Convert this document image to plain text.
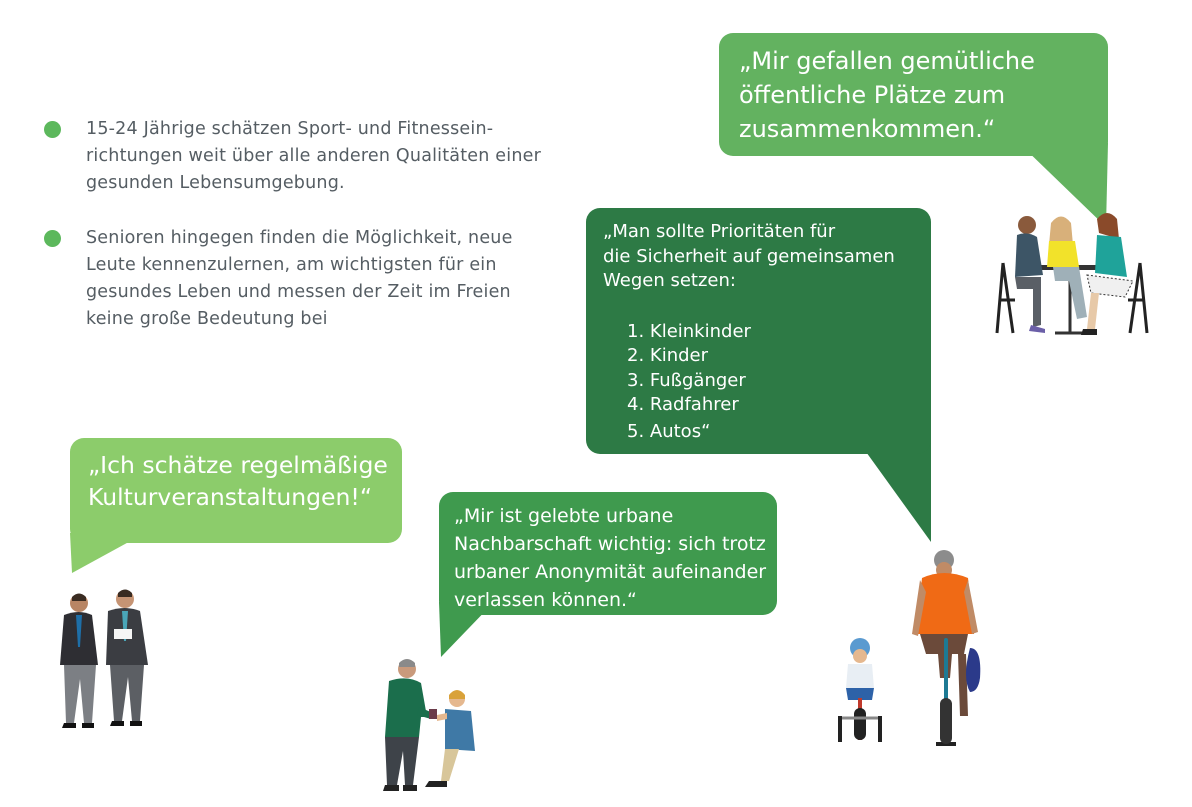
15-24 Jährige schätzen Sport- und Fitnessein- richtungen weit über alle anderen Qualitäten einer gesunden Lebensumgebung.
Senioren hingegen finden die Möglichkeit, neue Leute kennenzulernen, am wichtigsten für ein gesundes Leben und messen der Zeit im Freien keine große Bedeutung bei
„Mir gefallen gemütliche
öffentliche Plätze zum
zusammenkommen.“
„Man sollte Prioritäten für
die Sicherheit auf gemeinsamen
Wegen setzen:
1. Kleinkinder
2. Kinder
3. Fußgänger
4. Radfahrer
5. Autos“
„Ich schätze regelmäßige
Kulturveranstaltungen!“
„Mir ist gelebte urbane
Nachbarschaft wichtig: sich trotz
urbaner Anonymität aufeinander
verlassen können.“
